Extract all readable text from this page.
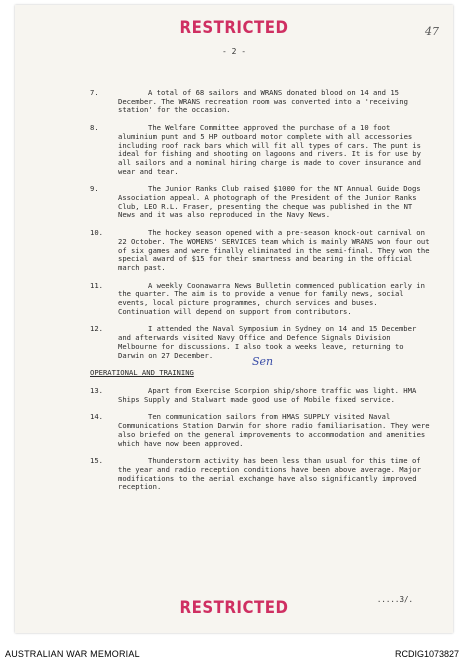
RESTRICTED	47
- 2 -
7.	A total of 68 sailors and WRANS donated blood on 14 and 15 December. The WRANS recreation room was converted into a 'receiving station' for the occasion.
8.	The Welfare Committee approved the purchase of a 10 foot aluminium punt and 5 HP outboard motor complete with all accessories including roof rack bars which will fit all types of cars. The punt is ideal for fishing and shooting on lagoons and rivers. It is for use by all sailors and a nominal hiring charge is made to cover insurance and wear and tear.
9.	The Junior Ranks Club raised $1000 for the NT Annual Guide Dogs Association appeal. A photograph of the President of the Junior Ranks Club, LEO R.L. Fraser, presenting the cheque was published in the NT News and it was also reproduced in the Navy News.
10.	The hockey season opened with a pre-season knock-out carnival on 22 October. The WOMENS' SERVICES team which is mainly WRANS won four out of six games and were finally eliminated in the semi-final. They won the special award of $15 for their smartness and bearing in the official march past.
11.	A weekly Coonawarra News Bulletin commenced publication early in the quarter. The aim is to provide a venue for family news, social events, local picture programmes, church services and buses. Continuation will depend on support from contributors.
12.	I attended the Naval Symposium in Sydney on 14 and 15 December and afterwards visited Navy Office and Defence Signals Division Melbourne for discussions. I also took a weeks leave, returning to Darwin on 27 December.
OPERATIONAL AND TRAINING
Sen
13.	Apart from Exercise Scorpion ship/shore traffic was light. HMA Ships Supply and Stalwart made good use of Mobile fixed service.
14.	Ten communication sailors from HMAS SUPPLY visited Naval Communications Station Darwin for shore radio familiarisation. They were also briefed on the general improvements to accommodation and amenities which have now been approved.
15.	Thunderstorm activity has been less than usual for this time of the year and radio reception conditions have been above average. Major modifications to the aerial exchange have also significantly improved reception.
.....3/.
RESTRICTED
AUSTRALIAN WAR MEMORIAL	RCDIG1073827
